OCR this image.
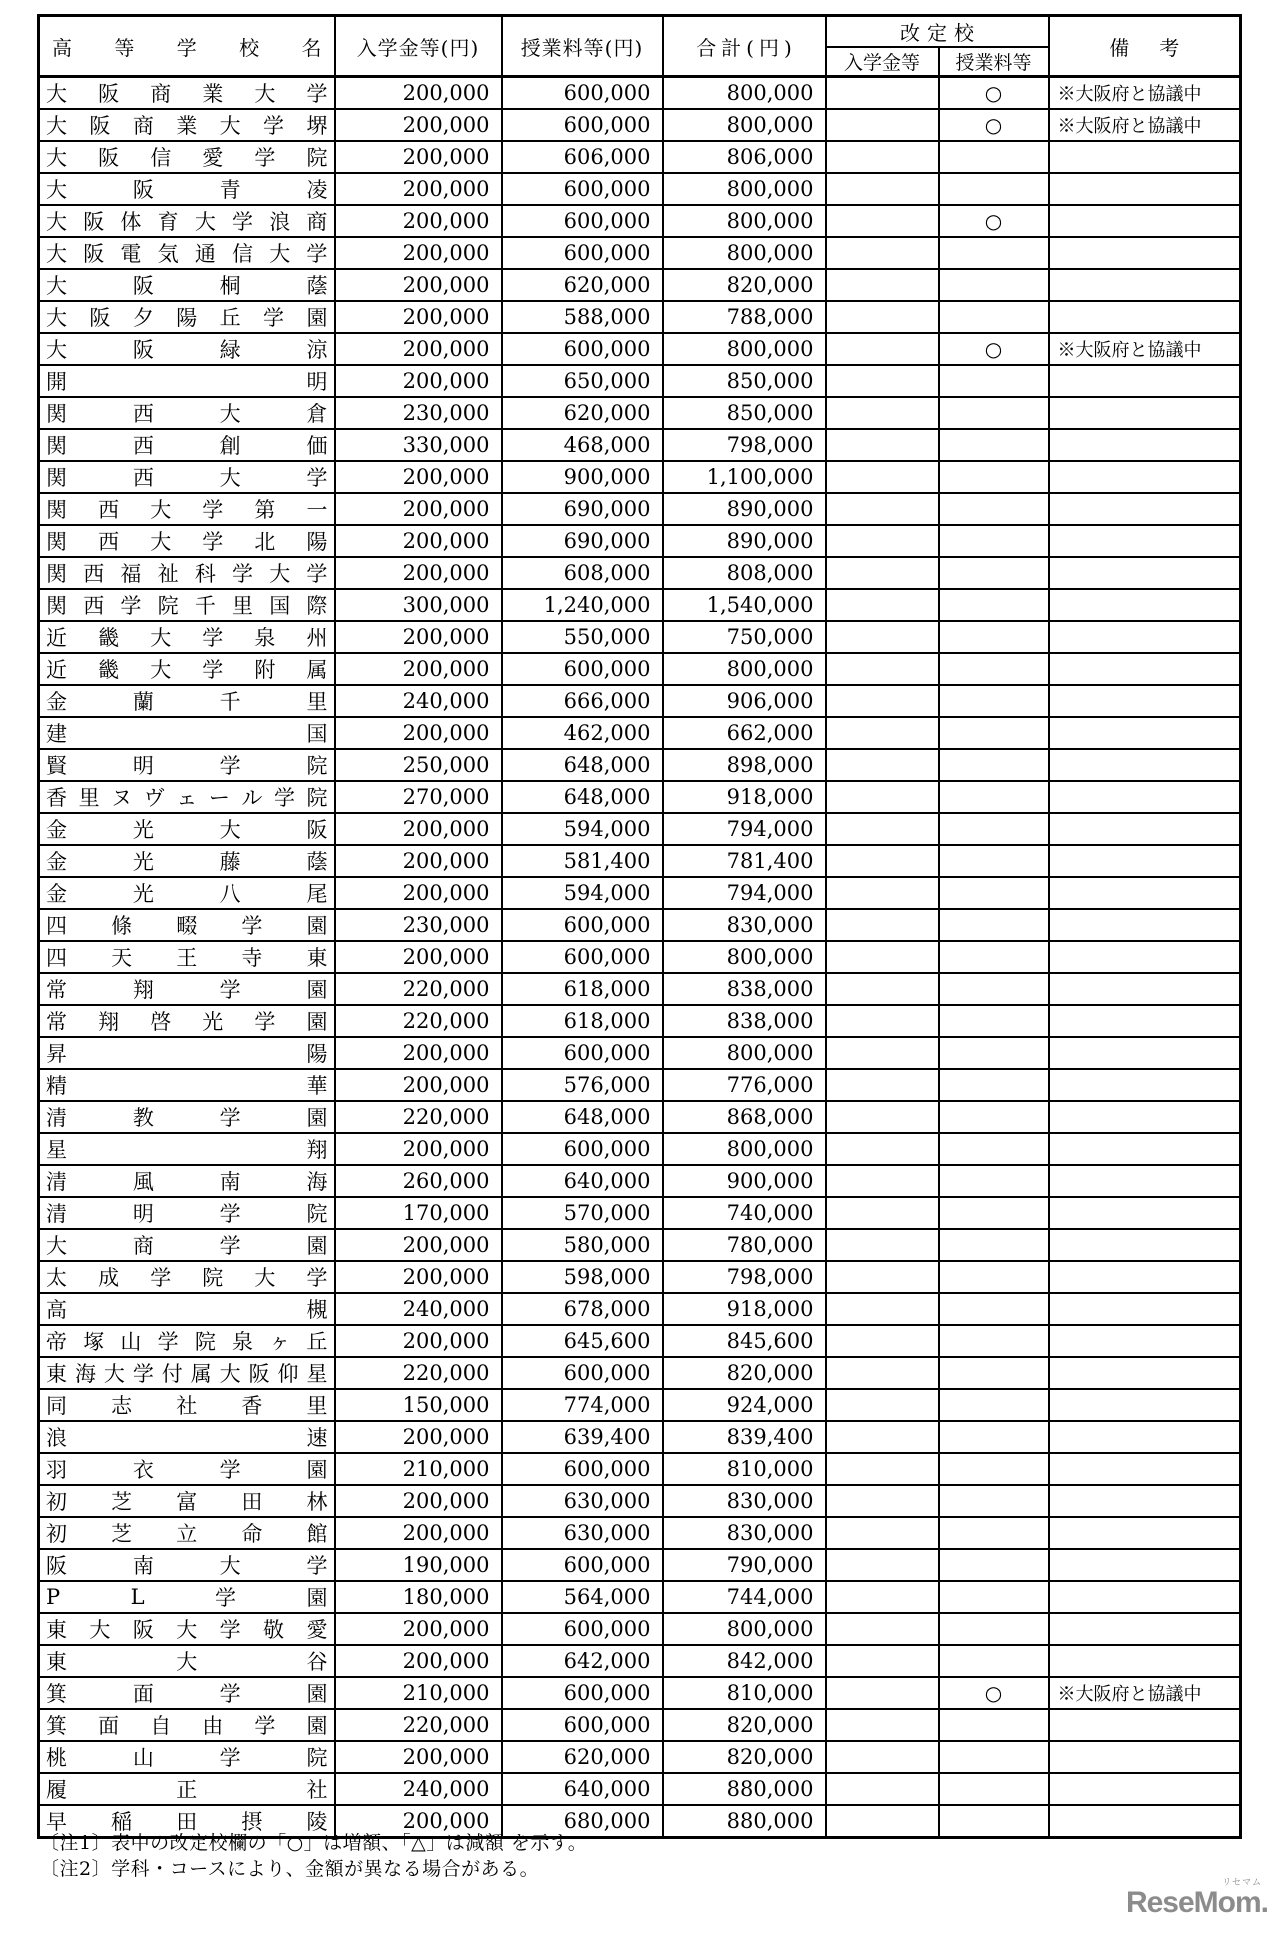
高 等 学 校 名	入学金等(円)	授業料等(円)	合計(円)	改定校		備考
				入学金等	授業料等	

大 阪 商 業 大 学	200,000	600,000	800,000		○	※大阪府と協議中

大 阪 商 業 大 学 堺	200,000	600,000	800,000		○	※大阪府と協議中

大 阪 信 愛 学 院	200,000	606,000	806,000			

大 阪 青 凌	200,000	600,000	800,000			

大 阪 体 育 大 学 浪 商	200,000	600,000	800,000		○	

大 阪 電 気 通 信 大 学	200,000	600,000	800,000			

大 阪 桐 蔭	200,000	620,000	820,000			

大 阪 夕 陽 丘 学 園	200,000	588,000	788,000			

大 阪 緑 涼	200,000	600,000	800,000		○	※大阪府と協議中

開 明	200,000	650,000	850,000			

関 西 大 倉	230,000	620,000	850,000			

関 西 創 価	330,000	468,000	798,000			

関 西 大 学	200,000	900,000	1,100,000			

関 西 大 学 第 一	200,000	690,000	890,000			

関 西 大 学 北 陽	200,000	690,000	890,000			

関 西 福 祉 科 学 大 学	200,000	608,000	808,000			

関 西 学 院 千 里 国 際	300,000	1,240,000	1,540,000			

近 畿 大 学 泉 州	200,000	550,000	750,000			

近 畿 大 学 附 属	200,000	600,000	800,000			

金 蘭 千 里	240,000	666,000	906,000			

建 国	200,000	462,000	662,000			

賢 明 学 院	250,000	648,000	898,000			

香 里 ヌ ヴ ェ ー ル 学 院	270,000	648,000	918,000			

金 光 大 阪	200,000	594,000	794,000			

金 光 藤 蔭	200,000	581,400	781,400			

金 光 八 尾	200,000	594,000	794,000			

四 條 畷 学 園	230,000	600,000	830,000			

四 天 王 寺 東	200,000	600,000	800,000			

常 翔 学 園	220,000	618,000	838,000			

常 翔 啓 光 学 園	220,000	618,000	838,000			

昇 陽	200,000	600,000	800,000			

精 華	200,000	576,000	776,000			

清 教 学 園	220,000	648,000	868,000			

星 翔	200,000	600,000	800,000			

清 風 南 海	260,000	640,000	900,000			

清 明 学 院	170,000	570,000	740,000			

大 商 学 園	200,000	580,000	780,000			

太 成 学 院 大 学	200,000	598,000	798,000			

高 槻	240,000	678,000	918,000			

帝 塚 山 学 院 泉 ヶ 丘	200,000	645,600	845,600			

東 海 大 学 付 属 大 阪 仰 星	220,000	600,000	820,000			

同 志 社 香 里	150,000	774,000	924,000			

浪 速	200,000	639,400	839,400			

羽 衣 学 園	210,000	600,000	810,000			

初 芝 富 田 林	200,000	630,000	830,000			

初 芝 立 命 館	200,000	630,000	830,000			

阪 南 大 学	190,000	600,000	790,000			

P L 学 園	180,000	564,000	744,000			

東 大 阪 大 学 敬 愛	200,000	600,000	800,000			

東 大 谷	200,000	642,000	842,000			

箕 面 学 園	210,000	600,000	810,000		○	※大阪府と協議中

箕 面 自 由 学 園	220,000	600,000	820,000			

桃 山 学 院	200,000	620,000	820,000			

履 正 社	240,000	640,000	880,000			

早 稲 田 摂 陵	200,000	680,000	880,000			
〔注1〕表中の改定校欄の「○」は増額、「△」は減額 を示す。
〔注2〕学科・コースにより、金額が異なる場合がある。
リセマム
ReseMom.
